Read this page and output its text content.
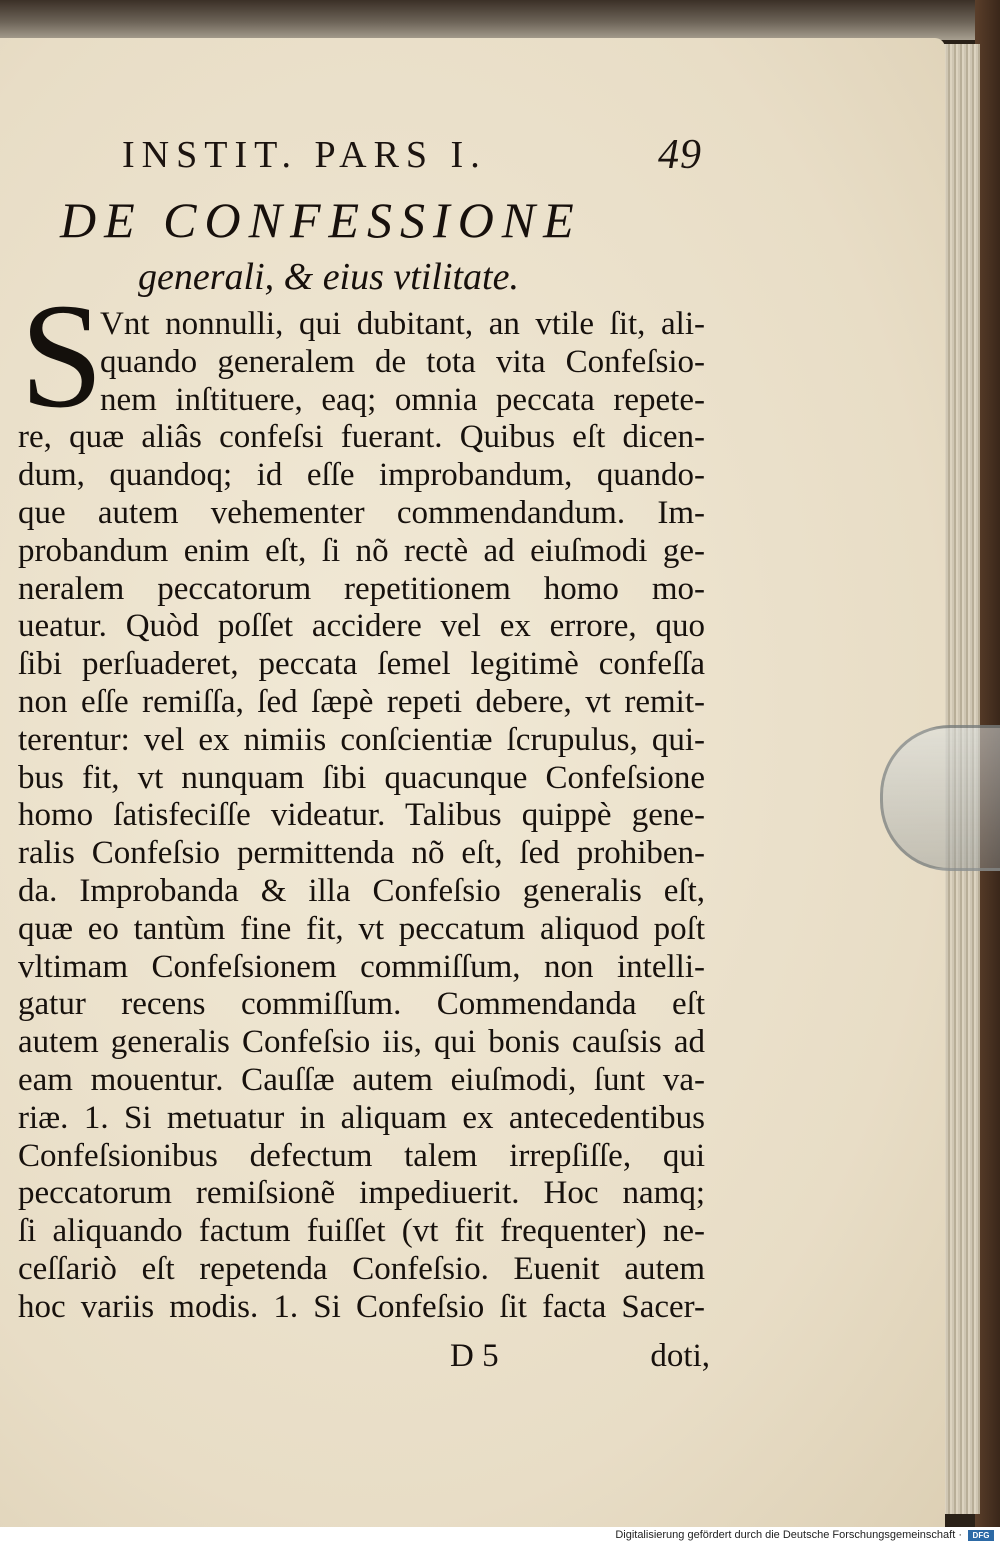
INSTIT. PARS I.	49
DE CONFESSIONE
generali, & eius vtilitate.
S
Vnt nonnulli, qui dubitant, an vtile ſit, ali-
quando generalem de tota vita Confeſsio-
nem inſtituere, eaq; omnia peccata repete-
re, quæ aliâs confeſsi fuerant. Quibus eſt dicen-
dum, quandoq; id eſſe improbandum, quando-
que autem vehementer commendandum. Im-
probandum enim eſt, ſi nõ rectè ad eiuſmodi ge-
neralem peccatorum repetitionem homo mo-
ueatur. Quòd poſſet accidere vel ex errore, quo
ſibi perſuaderet, peccata ſemel legitimè confeſſa
non eſſe remiſſa, ſed ſæpè repeti debere, vt remit-
terentur: vel ex nimiis conſcientiæ ſcrupulus, qui-
bus fit, vt nunquam ſibi quacunque Confeſsione
homo ſatisfeciſſe videatur. Talibus quippè gene-
ralis Confeſsio permittenda nõ eſt, ſed prohiben-
da. Improbanda & illa Confeſsio generalis eſt,
quæ eo tantùm fine fit, vt peccatum aliquod poſt
vltimam Confeſsionem commiſſum, non intelli-
gatur recens commiſſum. Commendanda eſt
autem generalis Confeſsio iis, qui bonis cauſsis ad
eam mouentur. Cauſſæ autem eiuſmodi, ſunt va-
riæ. 1. Si metuatur in aliquam ex antecedentibus
Confeſsionibus defectum talem irrepſiſſe, qui
peccatorum remiſsionẽ impediuerit. Hoc namq;
ſi aliquando factum fuiſſet (vt fit frequenter) ne-
ceſſariò eſt repetenda Confeſsio. Euenit autem
hoc variis modis. 1. Si Confeſsio ſit facta Sacer-
D 5	doti,
Digitalisierung gefördert durch die Deutsche Forschungsgemeinschaft ·	DFG
